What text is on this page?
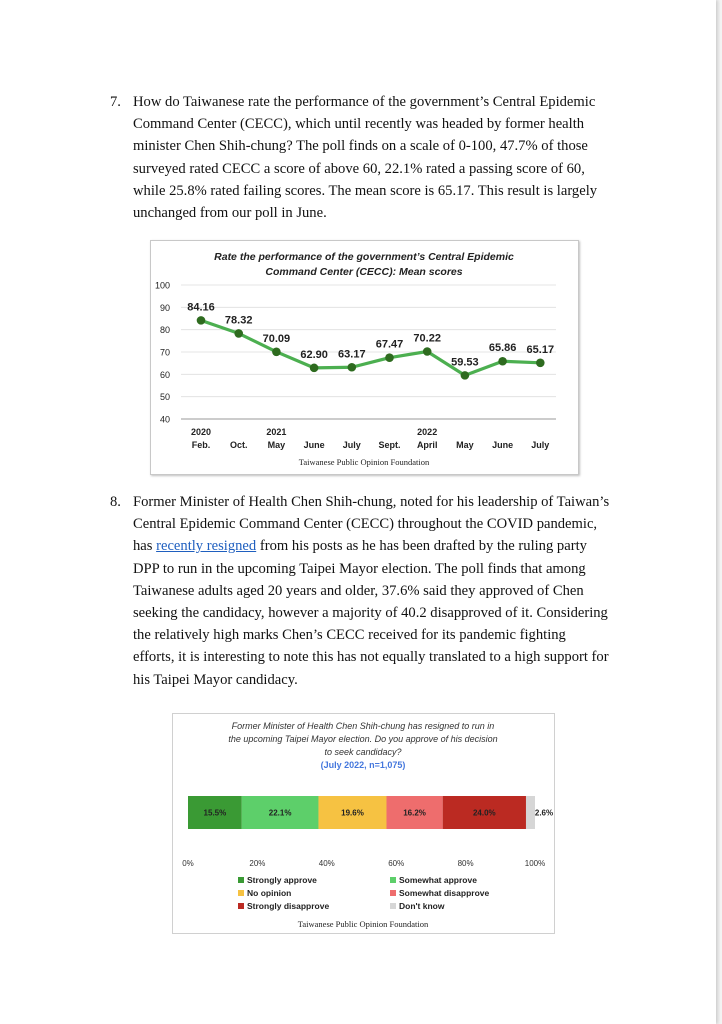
7. How do Taiwanese rate the performance of the government’s Central Epidemic Command Center (CECC), which until recently was headed by former health minister Chen Shih-chung? The poll finds on a scale of 0-100, 47.7% of those surveyed rated CECC a score of above 60, 22.1% rated a passing score of 60, while 25.8% rated failing scores. The mean score is 65.17. This result is largely unchanged from our poll in June.
Rate the performance of the government’s Central Epidemic
Command Center (CECC): Mean scores
40
50
60
70
80
90
100
84.16
78.32
70.09
62.90 63.17
67.47
70.22
59.53
65.86 65.17
2020
Feb. Oct.
2021
May June July Sept.
2022
April May June July
Taiwanese Public Opinion Foundation
8. Former Minister of Health Chen Shih-chung, noted for his leadership of Taiwan’s Central Epidemic Command Center (CECC) throughout the COVID pandemic, has recently resigned from his posts as he has been drafted by the ruling party DPP to run in the upcoming Taipei Mayor election. The poll finds that among Taiwanese adults aged 20 years and older, 37.6% said they approved of Chen seeking the candidacy, however a majority of 40.2 disapproved of it. Considering the relatively high marks Chen’s CECC received for its pandemic fighting efforts, it is interesting to note this has not equally translated to a high support for his Taipei Mayor candidacy.
Former Minister of Health Chen Shih-chung has resigned to run in
the upcoming Taipei Mayor election. Do you approve of his decision
to seek candidacy?
(July 2022, n=1,075)
15.5%	22.1%	19.6%	16.2%	24.0%	2.6%
0%	20%	40%	60%	80%	100%
Strongly approve	Somewhat approve
No opinion	Somewhat disapprove
Strongly disapprove	Don't know
Taiwanese Public Opinion Foundation
